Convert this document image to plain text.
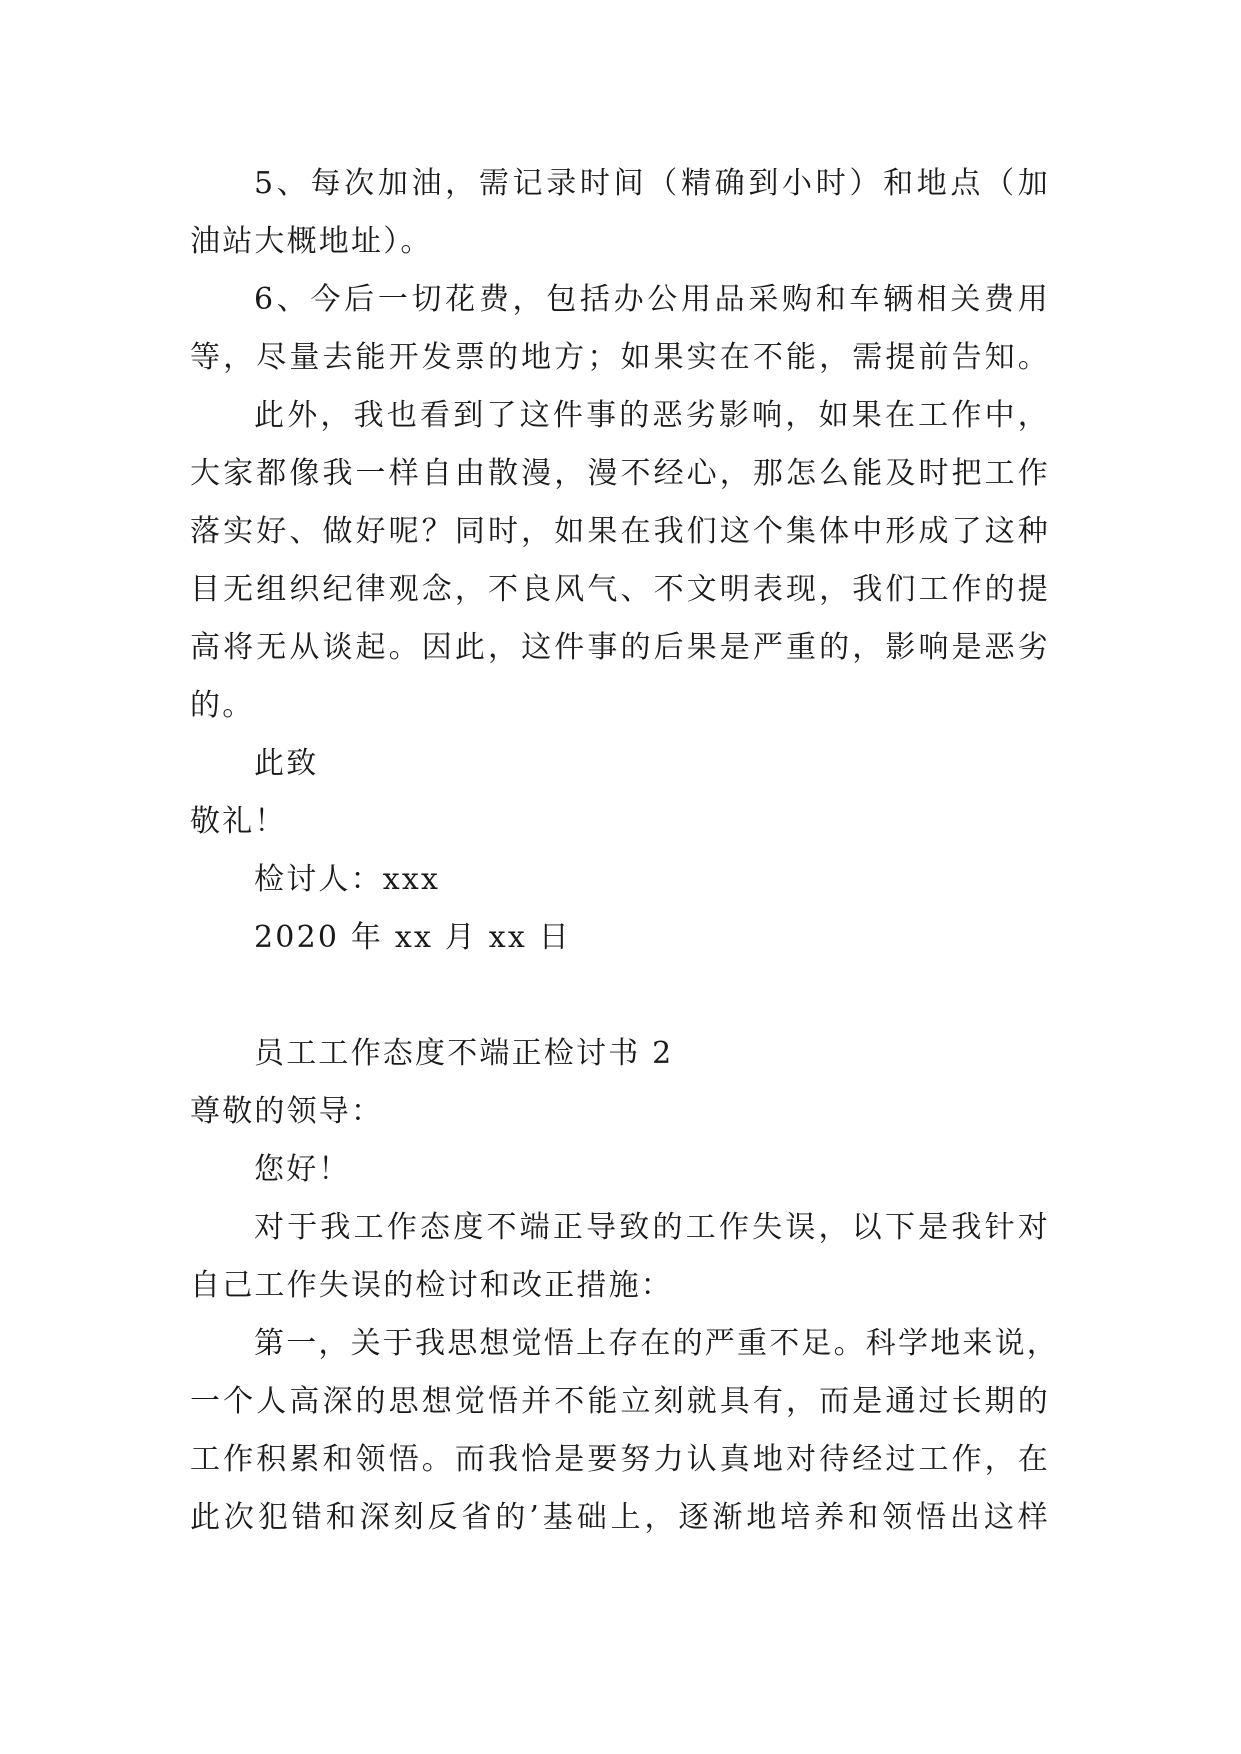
5、每次加油，需记录时间（精确到小时）和地点（加
油站大概地址）。
6、今后一切花费，包括办公用品采购和车辆相关费用
等，尽量去能开发票的地方；如果实在不能，需提前告知。
此外，我也看到了这件事的恶劣影响，如果在工作中，
大家都像我一样自由散漫，漫不经心，那怎么能及时把工作
落实好、做好呢？同时，如果在我们这个集体中形成了这种
目无组织纪律观念，不良风气、不文明表现，我们工作的提
高将无从谈起。因此，这件事的后果是严重的，影响是恶劣
的。
此致
敬礼！
检讨人：xxx
2020 年 xx 月 xx 日
员工工作态度不端正检讨书 2
尊敬的领导：
您好！
对于我工作态度不端正导致的工作失误，以下是我针对
自己工作失误的检讨和改正措施：
第一，关于我思想觉悟上存在的严重不足。科学地来说，
一个人高深的思想觉悟并不能立刻就具有，而是通过长期的
工作积累和领悟。而我恰是要努力认真地对待经过工作，在
此次犯错和深刻反省的’基础上，逐渐地培养和领悟出这样
